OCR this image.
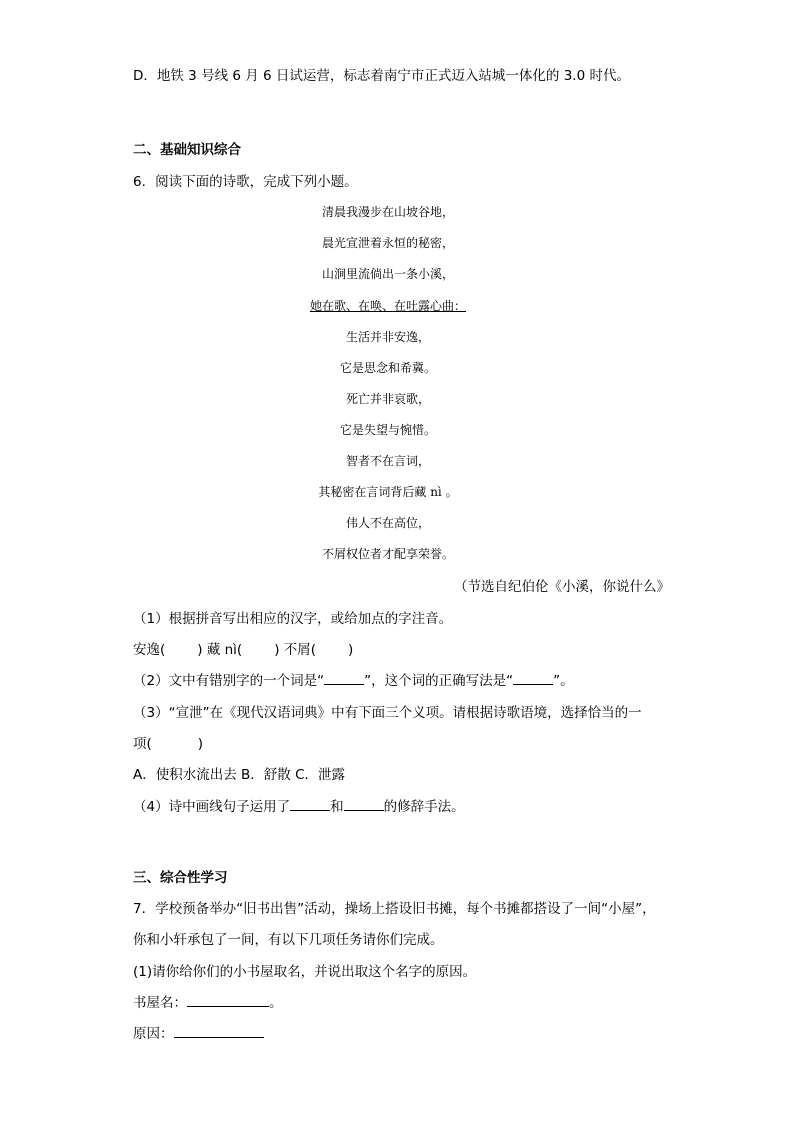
D．地铁 3 号线 6 月 6 日试运营，标志着南宁市正式迈入站城一体化的 3.0 时代。
二、基础知识综合
6．阅读下面的诗歌，完成下列小题。
清晨我漫步在山坡谷地，
晨光宣泄着永恒的秘密，
山涧里流倘出一条小溪，
她在歌、在唤、在吐露心曲：
生活并非安逸，
它是思念和希冀。
死亡并非哀歌，
它是失望与惋惜。
智者不在言词，
其秘密在言词背后藏 nì 。
伟人不在高位，
不屑权位者才配享荣誉。
（节选自纪伯伦《小溪，你说什么》
（1）根据拼音写出相应的汉字，或给加点的字注音。
安逸( ) 藏 nì( ) 不屑( )
（2）文中有错别字的一个词是“	”，这个词的正确写法是“	”。
（3）“宣泄”在《现代汉语词典》中有下面三个义项。请根据诗歌语境，选择恰当的一
项(	)
A．使积水流出去 B．舒散 C．泄露
（4）诗中画线句子运用了	和	的修辞手法。
三、综合性学习
7．学校预备举办“旧书出售”活动，操场上搭设旧书摊，每个书摊都搭设了一间“小屋”，
你和小轩承包了一间，有以下几项任务请你们完成。
(1)请你给你们的小书屋取名，并说出取这个名字的原因。
书屋名：	。
原因：
